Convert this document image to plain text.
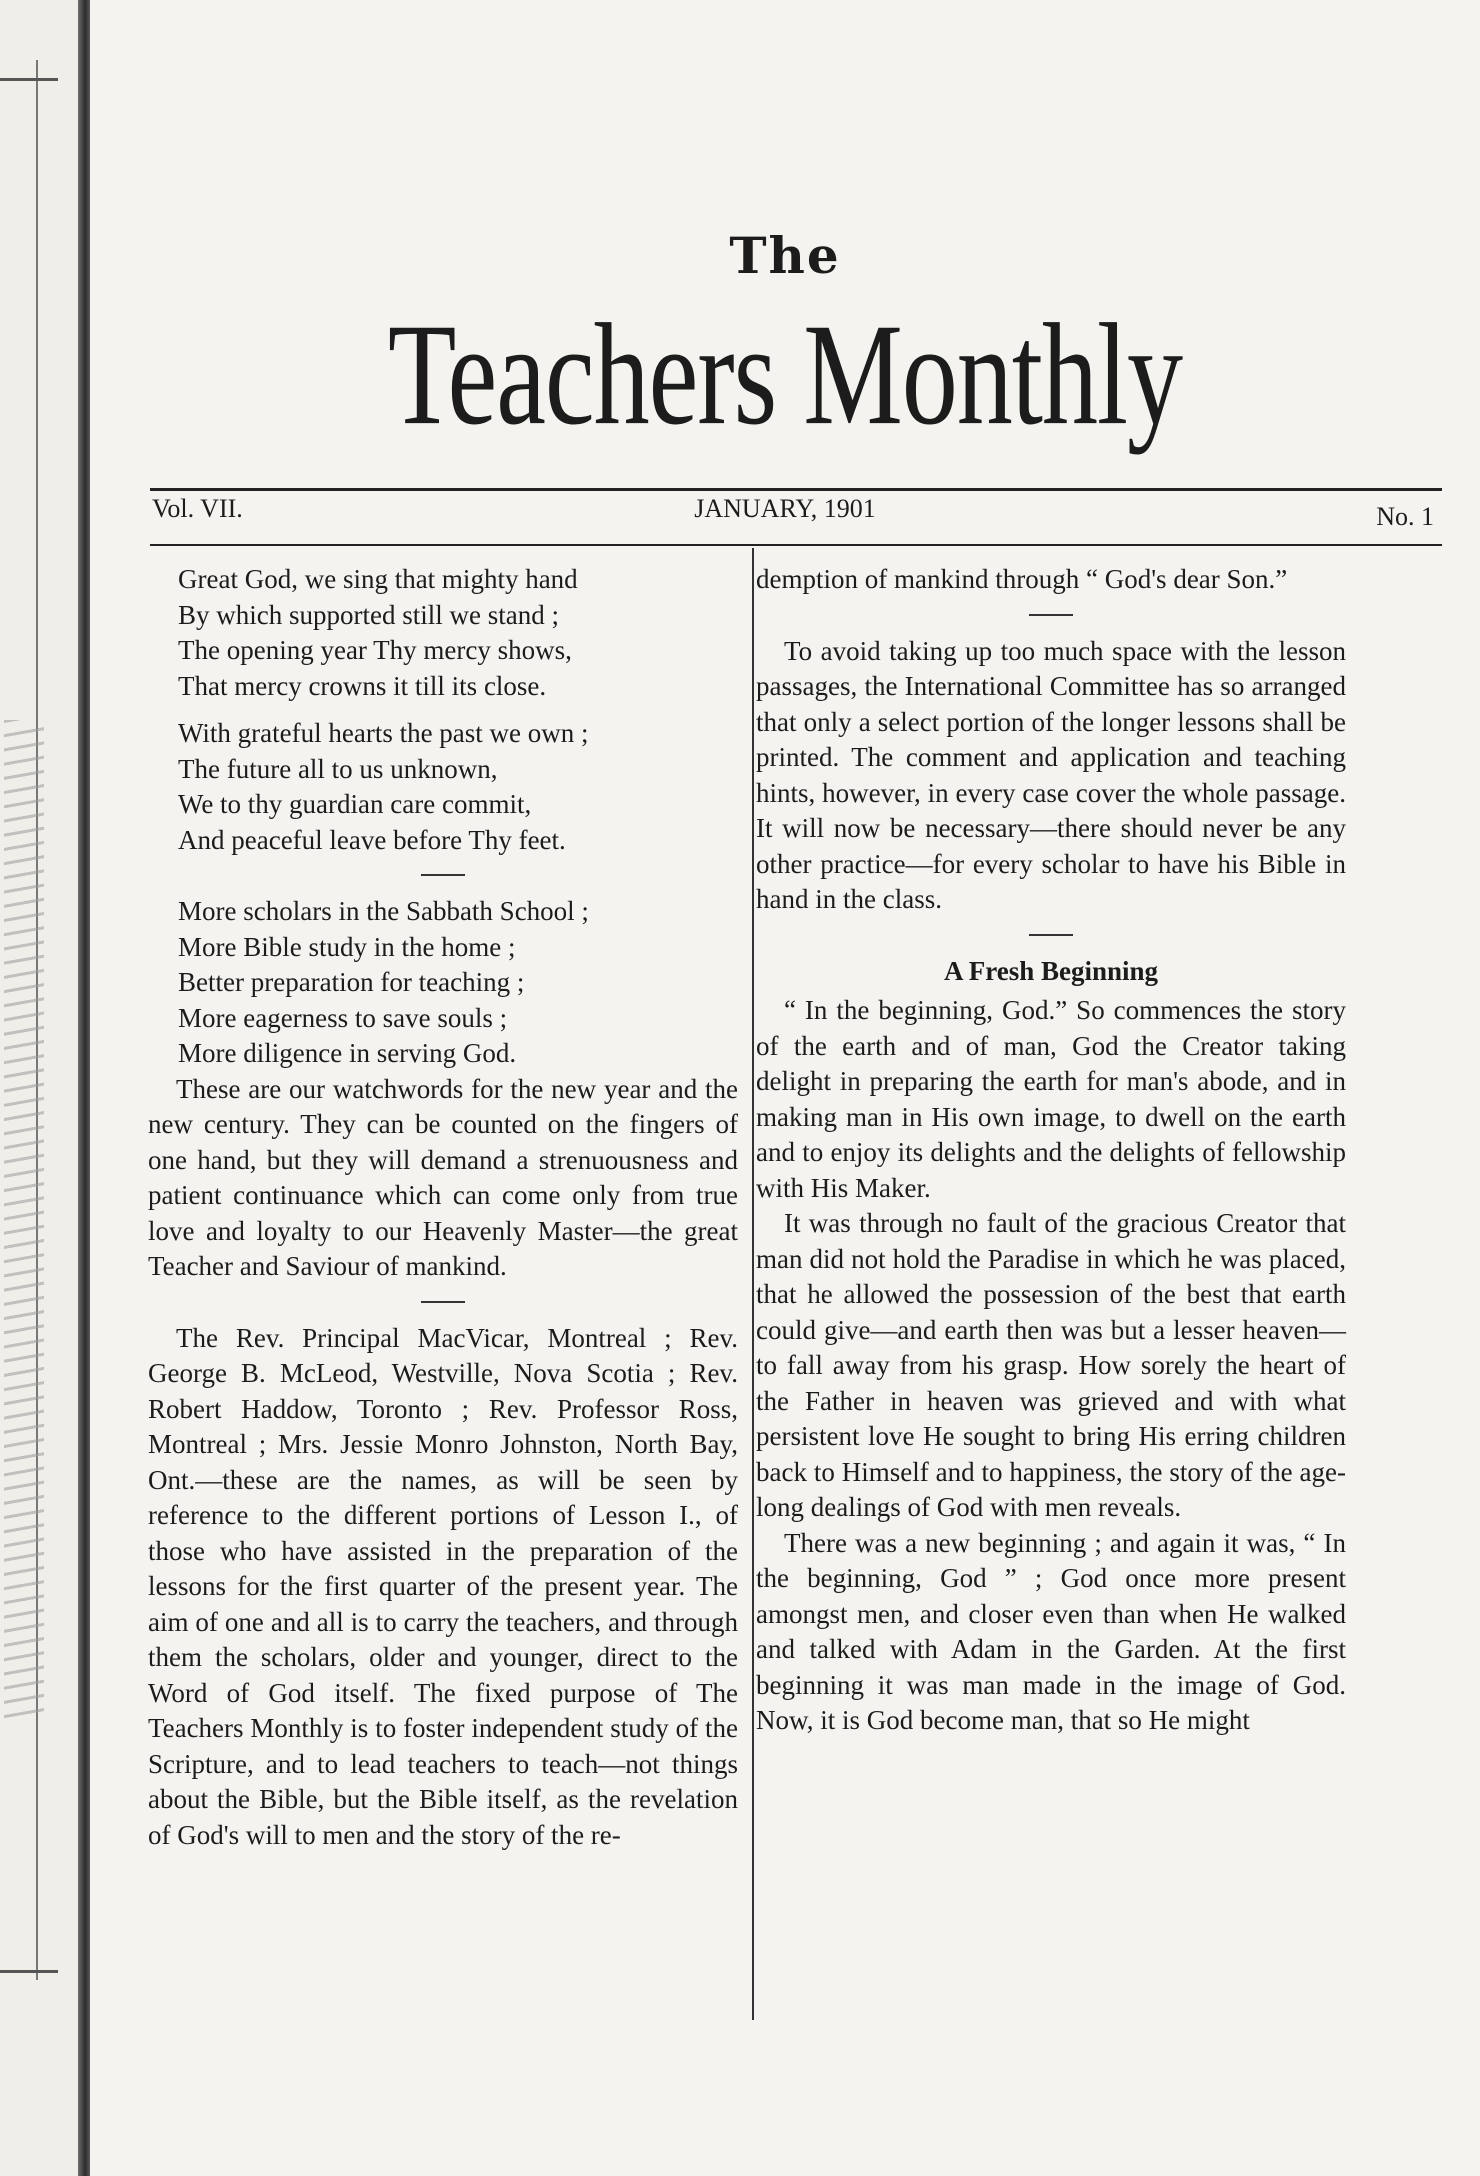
The
Teachers Monthly
Vol. VII.	JANUARY, 1901	No. 1
Great God, we sing that mighty hand
By which supported still we stand ;
The opening year Thy mercy shows,
That mercy crowns it till its close.
With grateful hearts the past we own ;
The future all to us unknown,
We to thy guardian care commit,
And peaceful leave before Thy feet.
More scholars in the Sabbath School ;
More Bible study in the home ;
Better preparation for teaching ;
More eagerness to save souls ;
More diligence in serving God.

These are our watchwords for the new year and the new century. They can be counted on the fingers of one hand, but they will demand a strenuousness and patient continuance which can come only from true love and loyalty to our Heavenly Master—the great Teacher and Saviour of mankind.

The Rev. Principal MacVicar, Montreal ; Rev. George B. McLeod, Westville, Nova Scotia ; Rev. Robert Haddow, Toronto ; Rev. Professor Ross, Montreal ; Mrs. Jessie Monro Johnston, North Bay, Ont.—these are the names, as will be seen by reference to the different portions of Lesson I., of those who have assisted in the preparation of the lessons for the first quarter of the present year. The aim of one and all is to carry the teachers, and through them the scholars, older and younger, direct to the Word of God itself. The fixed purpose of The Teachers Monthly is to foster independent study of the Scripture, and to lead teachers to teach—not things about the Bible, but the Bible itself, as the revelation of God's will to men and the story of the re-

demption of mankind through “ God's dear Son.”

To avoid taking up too much space with the lesson passages, the International Committee has so arranged that only a select portion of the longer lessons shall be printed. The comment and application and teaching hints, however, in every case cover the whole passage. It will now be necessary—there should never be any other practice—for every scholar to have his Bible in hand in the class.

A Fresh Beginning

“ In the beginning, God.” So commences the story of the earth and of man, God the Creator taking delight in preparing the earth for man's abode, and in making man in His own image, to dwell on the earth and to enjoy its delights and the delights of fellowship with His Maker.

It was through no fault of the gracious Creator that man did not hold the Paradise in which he was placed, that he allowed the possession of the best that earth could give—and earth then was but a lesser heaven—to fall away from his grasp. How sorely the heart of the Father in heaven was grieved and with what persistent love He sought to bring His erring children back to Himself and to happiness, the story of the age-long dealings of God with men reveals.

There was a new beginning ; and again it was, “ In the beginning, God ” ; God once more present amongst men, and closer even than when He walked and talked with Adam in the Garden. At the first beginning it was man made in the image of God. Now, it is God become man, that so He might
